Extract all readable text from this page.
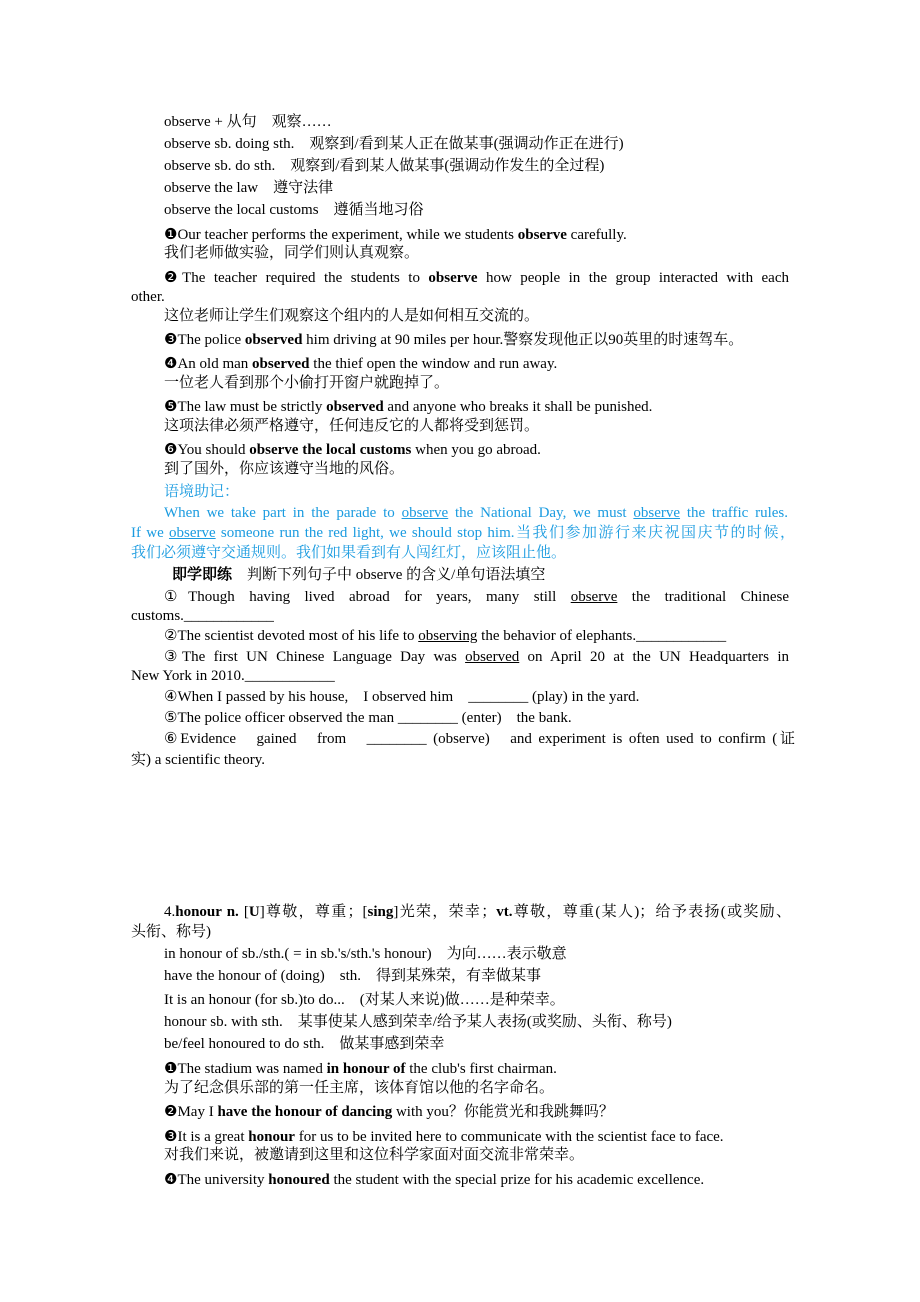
observe + 从句　观察……
observe sb. doing sth.　观察到/看到某人正在做某事(强调动作正在进行)
observe sb. do sth.　观察到/看到某人做某事(强调动作发生的全过程)
observe the law　遵守法律
observe the local customs　遵循当地习俗
❶Our teacher performs the experiment, while we students observe carefully.
我们老师做实验，同学们则认真观察。
❷The teacher required the students to observe how people in the group interacted with each
other.
这位老师让学生们观察这个组内的人是如何相互交流的。
❸The police observed him driving at 90 miles per hour.警察发现他正以90英里的时速驾车。
❹An old man observed the thief open the window and run away.
一位老人看到那个小偷打开窗户就跑掉了。
❺The law must be strictly observed and anyone who breaks it shall be punished.
这项法律必须严格遵守，任何违反它的人都将受到惩罚。
❻You should observe the local customs when you go abroad.
到了国外，你应该遵守当地的风俗。
语境助记：
When we take part in the parade to observe the National Day, we must observe the traffic rules.
If we observe someone run the red light, we should stop him.当我们参加游行来庆祝国庆节的时候，
我们必须遵守交通规则。我们如果看到有人闯红灯，应该阻止他。
即学即练　判断下列句子中 observe 的含义/单句语法填空
①Though having lived abroad for years, many still observe the traditional Chinese
customs.____________
②The scientist devoted most of his life to observing the behavior of elephants.____________
③The first UN Chinese Language Day was observed on April 20 at the UN Headquarters in
New York in 2010.____________
④When I passed by his house,　I observed him　________ (play) in the yard.
⑤The police officer observed the man ________ (enter)　the bank.
⑥Evidence　gained　from　________ (observe)　and experiment is often used to confirm (证
实) a scientific theory.
4.honour n. [U]尊敬，尊重；[sing]光荣，荣幸；vt.尊敬，尊重(某人)；给予表扬(或奖励、
头衔、称号)
in honour of sb./sth.( = in sb.'s/sth.'s honour)　为向……表示敬意
have the honour of (doing)　sth.　得到某殊荣，有幸做某事
It is an honour (for sb.)to do...　(对某人来说)做……是种荣幸。
honour sb. with sth.　某事使某人感到荣幸/给予某人表扬(或奖励、头衔、称号)
be/feel honoured to do sth.　做某事感到荣幸
❶The stadium was named in honour of the club's first chairman.
为了纪念俱乐部的第一任主席，该体育馆以他的名字命名。
❷May I have the honour of dancing with you？你能赏光和我跳舞吗？
❸It is a great honour for us to be invited here to communicate with the scientist face to face.
对我们来说，被邀请到这里和这位科学家面对面交流非常荣幸。
❹The university honoured the student with the special prize for his academic excellence.
